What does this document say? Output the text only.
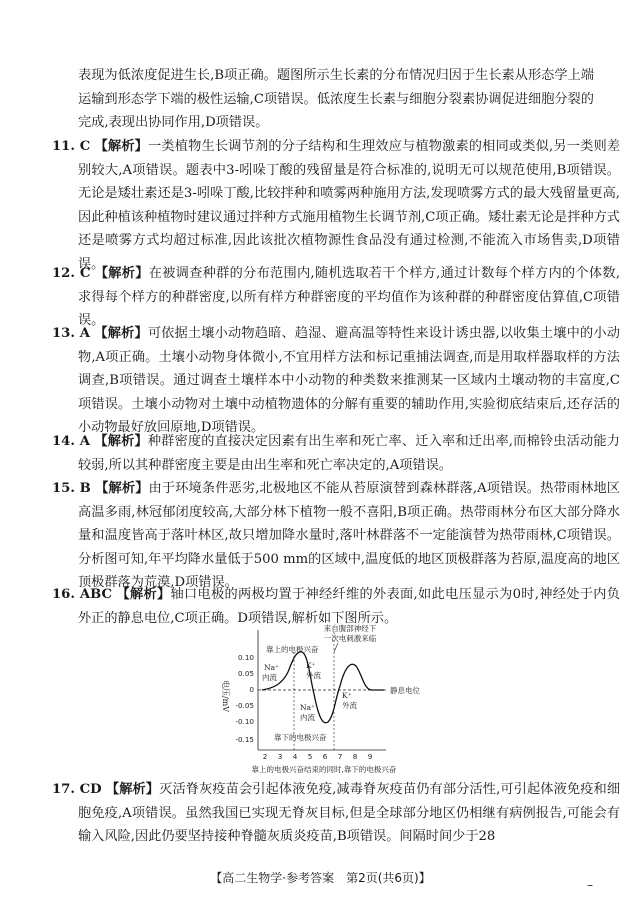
表现为低浓度促进生长,B项正确。题图所示生长素的分布情况归因于生长素从形态学上端运输到形态学下端的极性运输,C项错误。低浓度生长素与细胞分裂素协调促进细胞分裂的完成,表现出协同作用,D项错误。
11. C 【解析】一类植物生长调节剂的分子结构和生理效应与植物激素的相同或类似,另一类则差别较大,A项错误。题表中3-吲哚丁酸的残留量是符合标准的,说明无可以规范使用,B项错误。无论是矮壮素还是3-吲哚丁酸,比较拌种和喷雾两种施用方法,发现喷雾方式的最大残留量更高,因此种植该种植物时建议通过拌种方式施用植物生长调节剂,C项正确。矮壮素无论是拌种方式还是喷雾方式均超过标准,因此该批次植物源性食品没有通过检测,不能流入市场售卖,D项错误。
12. C 【解析】在被调查种群的分布范围内,随机选取若干个样方,通过计数每个样方内的个体数,求得每个样方的种群密度,以所有样方种群密度的平均值作为该种群的种群密度估算值,C项错误。
13. A 【解析】可依据土壤小动物趋暗、趋湿、避高温等特性来设计诱虫器,以收集土壤中的小动物,A项正确。土壤小动物身体微小,不宜用样方法和标记重捕法调查,而是用取样器取样的方法调查,B项错误。通过调查土壤样本中小动物的种类数来推测某一区域内土壤动物的丰富度,C项错误。土壤小动物对土壤中动植物遗体的分解有重要的辅助作用,实验彻底结束后,还存活的小动物最好放回原地,D项错误。
14. A 【解析】种群密度的直接决定因素有出生率和死亡率、迁入率和迁出率,而棉铃虫活动能力较弱,所以其种群密度主要是由出生率和死亡率决定的,A项错误。
15. B 【解析】由于环境条件恶劣,北极地区不能从苔原演替到森林群落,A项错误。热带雨林地区高温多雨,林冠郁闭度较高,大部分林下植物一般不喜阳,B项正确。热带雨林分布区大部分降水量和温度皆高于落叶林区,故只增加降水量时,落叶林群落不一定能演替为热带雨林,C项错误。分析图可知,年平均降水量低于500 mm的区域中,温度低的地区顶极群落为苔原,温度高的地区顶极群落为荒漠,D项错误。
16. ABC 【解析】轴口电极的两极均置于神经纤维的外表面,如此电压显示为0时,神经处于内负外正的静息电位,C项正确。D项错误,解析如下图所示。
0.10
0.05
0
-0.05
-0.10
-0.15
电压/mV
2 3 4 5 6 7 8 9
静息电位
来自腹部神经下
一次电刺激来临
靠上的电极兴奋
Na⁺
内流
K⁺
外流
Na⁺
内流
K⁺
外流
靠下的电极兴奋
靠上的电极兴奋结束的同时,靠下的电极兴奋
17. CD 【解析】灭活脊灰疫苗会引起体液免疫,减毒脊灰疫苗仍有部分活性,可引起体液免疫和细胞免疫,A项错误。虽然我国已实现无脊灰目标,但是全球部分地区仍相继有病例报告,可能会有输入风险,因此仍要坚持接种脊髓灰质炎疫苗,B项错误。间隔时间少于28
【高二生物学·参考答案　第2页(共6页)】	–
